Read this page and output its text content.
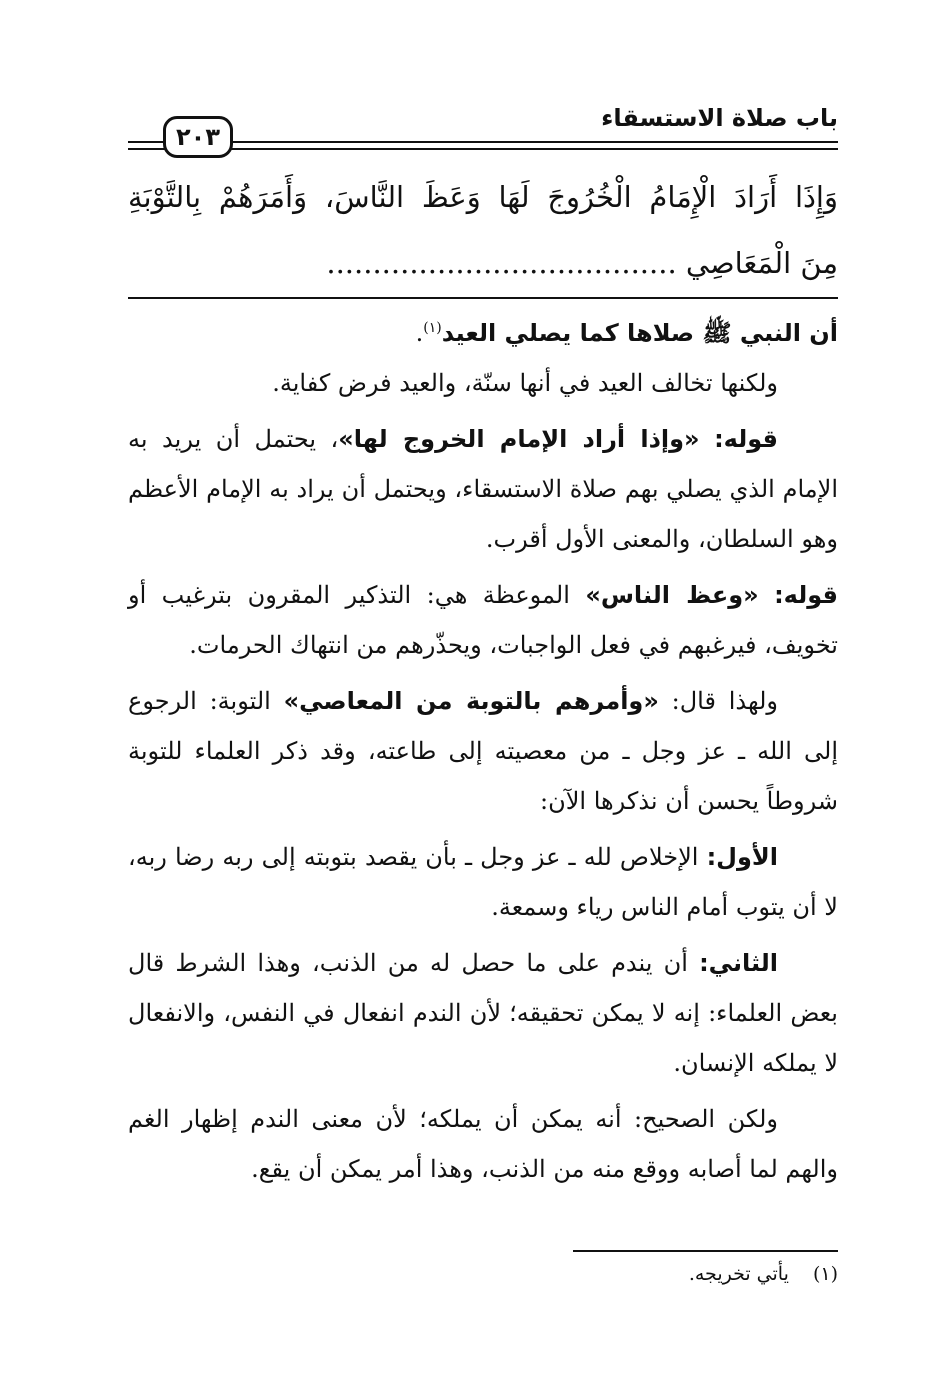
باب صلاة الاستسقاء
٢٠٣
وَإِذَا أَرَادَ الْإِمَامُ الْخُرُوجَ لَهَا وَعَظَ النَّاسَ، وَأَمَرَهُمْ بِالتَّوْبَةِ
مِنَ الْمَعَاصِي ......................................

أن النبي ﷺ صلاها كما يصلي العيد$^{(١)}$.

ولكنها تخالف العيد في أنها سنّة، والعيد فرض كفاية.

قوله: «وإذا أراد الإمام الخروج لها»، يحتمل أن يريد به الإمام الذي يصلي بهم صلاة الاستسقاء، ويحتمل أن يراد به الإمام الأعظم وهو السلطان، والمعنى الأول أقرب.

قوله: «وعظ الناس» الموعظة هي: التذكير المقرون بترغيب أو تخويف، فيرغبهم في فعل الواجبات، ويحذّرهم من انتهاك الحرمات.

ولهذا قال: «وأمرهم بالتوبة من المعاصي» التوبة: الرجوع إلى الله ـ عز وجل ـ من معصيته إلى طاعته، وقد ذكر العلماء للتوبة شروطاً يحسن أن نذكرها الآن:

الأول: الإخلاص لله ـ عز وجل ـ بأن يقصد بتوبته إلى ربه رضا ربه، لا أن يتوب أمام الناس رياء وسمعة.

الثاني: أن يندم على ما حصل له من الذنب، وهذا الشرط قال بعض العلماء: إنه لا يمكن تحقيقه؛ لأن الندم انفعال في النفس، والانفعال لا يملكه الإنسان.

ولكن الصحيح: أنه يمكن أن يملكه؛ لأن معنى الندم إظهار الغم والهم لما أصابه ووقع منه من الذنب، وهذا أمر يمكن أن يقع.

(١) يأتي تخريجه.
